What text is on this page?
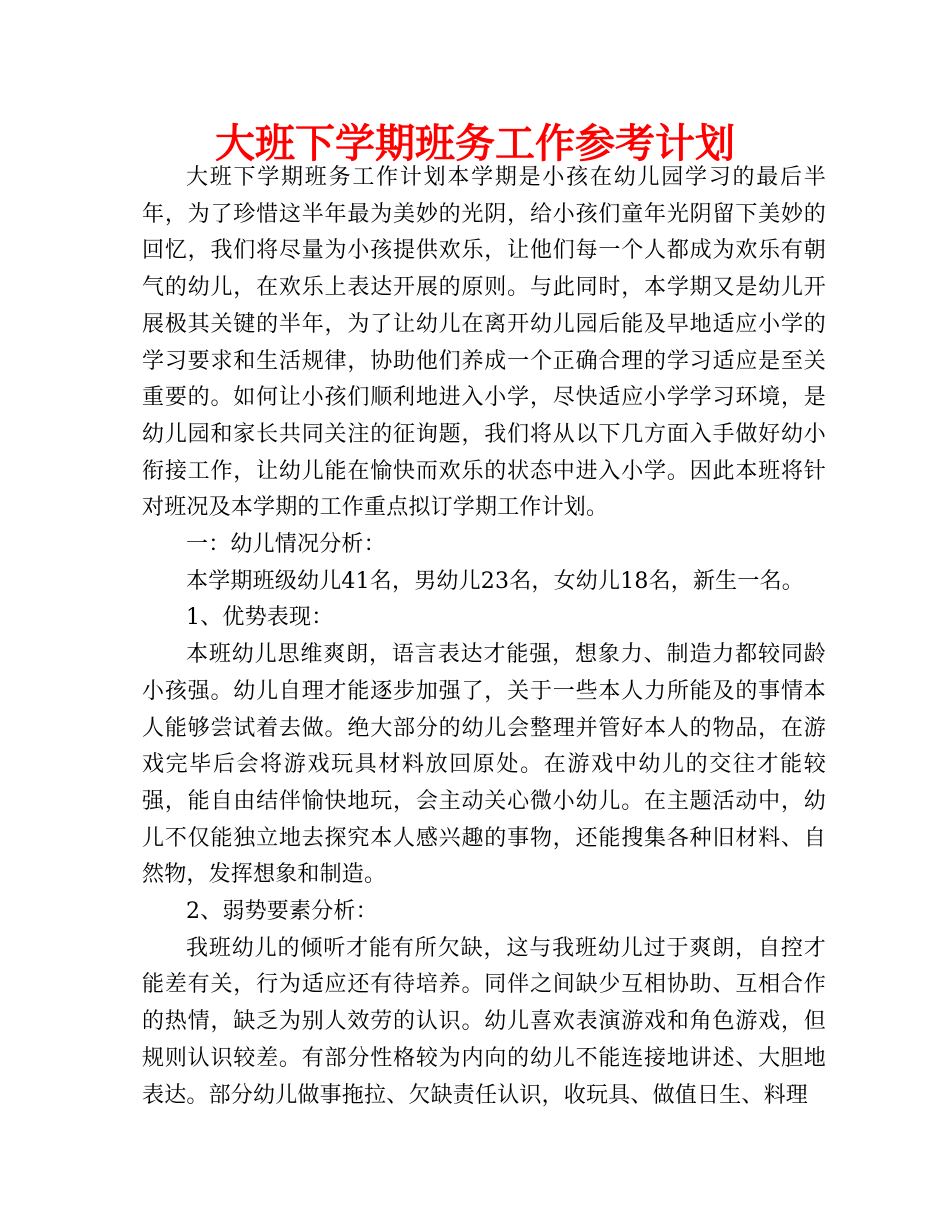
大班下学期班务工作参考计划

大班下学期班务工作计划本学期是小孩在幼儿园学习的最后半年，为了珍惜这半年最为美妙的光阴，给小孩们童年光阴留下美妙的回忆，我们将尽量为小孩提供欢乐，让他们每一个人都成为欢乐有朝气的幼儿，在欢乐上表达开展的原则。与此同时，本学期又是幼儿开展极其关键的半年，为了让幼儿在离开幼儿园后能及早地适应小学的学习要求和生活规律，协助他们养成一个正确合理的学习适应是至关重要的。如何让小孩们顺利地进入小学，尽快适应小学学习环境，是幼儿园和家长共同关注的征询题，我们将从以下几方面入手做好幼小衔接工作，让幼儿能在愉快而欢乐的状态中进入小学。因此本班将针对班况及本学期的工作重点拟订学期工作计划。

一：幼儿情况分析：

本学期班级幼儿41名，男幼儿23名，女幼儿18名，新生一名。

1、优势表现：

本班幼儿思维爽朗，语言表达才能强，想象力、制造力都较同龄小孩强。幼儿自理才能逐步加强了，关于一些本人力所能及的事情本人能够尝试着去做。绝大部分的幼儿会整理并管好本人的物品，在游戏完毕后会将游戏玩具材料放回原处。在游戏中幼儿的交往才能较强，能自由结伴愉快地玩，会主动关心微小幼儿。在主题活动中，幼儿不仅能独立地去探究本人感兴趣的事物，还能搜集各种旧材料、自然物，发挥想象和制造。

2、弱势要素分析：

我班幼儿的倾听才能有所欠缺，这与我班幼儿过于爽朗，自控才能差有关，行为适应还有待培养。同伴之间缺少互相协助、互相合作的热情，缺乏为别人效劳的认识。幼儿喜欢表演游戏和角色游戏，但规则认识较差。有部分性格较为内向的幼儿不能连接地讲述、大胆地表达。部分幼儿做事拖拉、欠缺责任认识，收玩具、做值日生、料理
